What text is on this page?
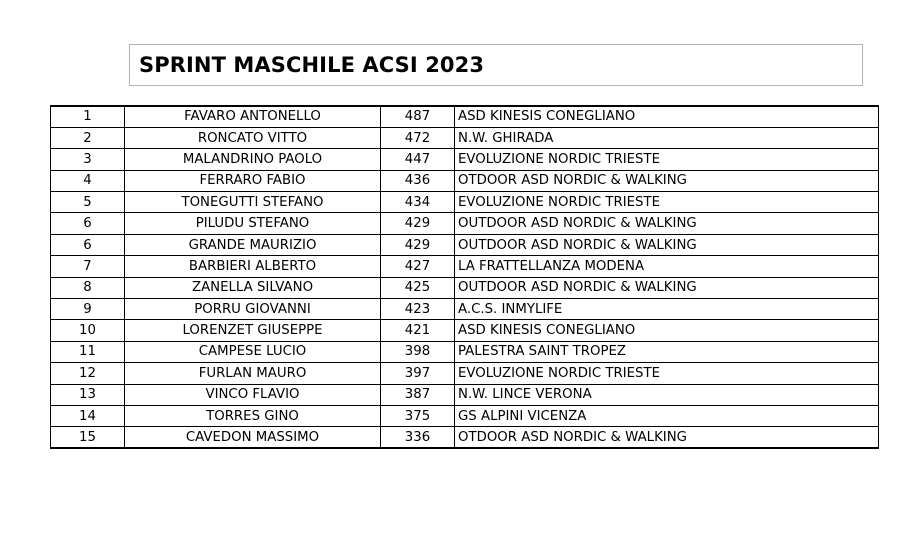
SPRINT MASCHILE ACSI 2023
1	FAVARO ANTONELLO	487	ASD KINESIS CONEGLIANO
2	RONCATO VITTO	472	N.W. GHIRADA
3	MALANDRINO PAOLO	447	EVOLUZIONE NORDIC TRIESTE
4	FERRARO FABIO	436	OTDOOR ASD NORDIC & WALKING
5	TONEGUTTI STEFANO	434	EVOLUZIONE NORDIC TRIESTE
6	PILUDU STEFANO	429	OUTDOOR ASD NORDIC & WALKING
6	GRANDE MAURIZIO	429	OUTDOOR ASD NORDIC & WALKING
7	BARBIERI ALBERTO	427	LA FRATTELLANZA MODENA
8	ZANELLA SILVANO	425	OUTDOOR ASD NORDIC & WALKING
9	PORRU GIOVANNI	423	A.C.S. INMYLIFE
10	LORENZET GIUSEPPE	421	ASD KINESIS CONEGLIANO
11	CAMPESE LUCIO	398	PALESTRA SAINT TROPEZ
12	FURLAN MAURO	397	EVOLUZIONE NORDIC TRIESTE
13	VINCO FLAVIO	387	N.W. LINCE VERONA
14	TORRES GINO	375	GS ALPINI VICENZA
15	CAVEDON MASSIMO	336	OTDOOR ASD NORDIC & WALKING
